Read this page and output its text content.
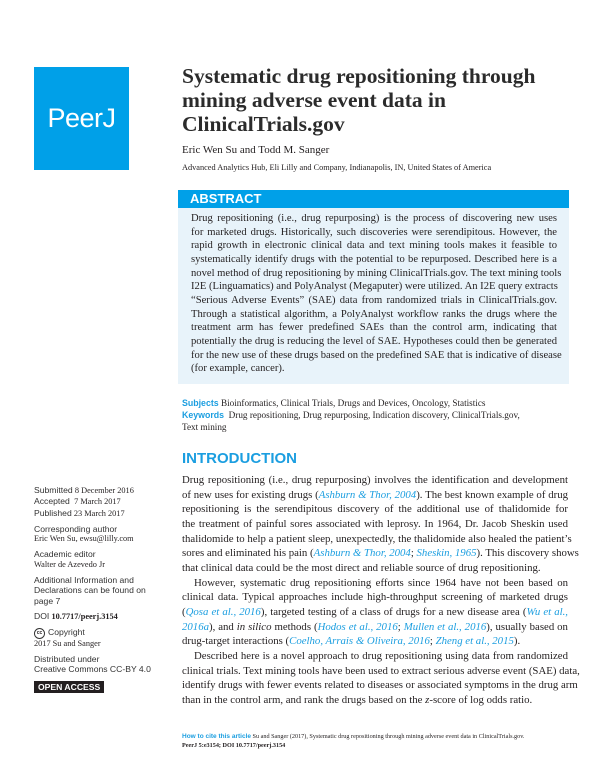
PeerJ
Systematic drug repositioning through
mining adverse event data in
ClinicalTrials.gov
Eric Wen Su and Todd M. Sanger
Advanced Analytics Hub, Eli Lilly and Company, Indianapolis, IN, United States of America
ABSTRACT
Drug repositioning (i.e., drug repurposing) is the process of discovering new uses
for marketed drugs. Historically, such discoveries were serendipitous. However, the
rapid growth in electronic clinical data and text mining tools makes it feasible to
systematically identify drugs with the potential to be repurposed. Described here is a
novel method of drug repositioning by mining ClinicalTrials.gov. The text mining tools
I2E (Linguamatics) and PolyAnalyst (Megaputer) were utilized. An I2E query extracts
“Serious Adverse Events” (SAE) data from randomized trials in ClinicalTrials.gov.
Through a statistical algorithm, a PolyAnalyst workflow ranks the drugs where the
treatment arm has fewer predefined SAEs than the control arm, indicating that
potentially the drug is reducing the level of SAE. Hypotheses could then be generated
for the new use of these drugs based on the predefined SAE that is indicative of disease
(for example, cancer).
Subjects Bioinformatics, Clinical Trials, Drugs and Devices, Oncology, Statistics
Keywords Drug repositioning, Drug repurposing, Indication discovery, ClinicalTrials.gov,
Text mining
INTRODUCTION
Drug repositioning (i.e., drug repurposing) involves the identification and development
of new uses for existing drugs (Ashburn & Thor, 2004). The best known example of drug
repositioning is the serendipitous discovery of the additional use of thalidomide for
the treatment of painful sores associated with leprosy. In 1964, Dr. Jacob Sheskin used
thalidomide to help a patient sleep, unexpectedly, the thalidomide also healed the patient’s
sores and eliminated his pain (Ashburn & Thor, 2004; Sheskin, 1965). This discovery shows
that clinical data could be the most direct and reliable source of drug repositioning.
However, systematic drug repositioning efforts since 1964 have not been based on
clinical data. Typical approaches include high-throughput screening of marketed drugs
(Qosa et al., 2016), targeted testing of a class of drugs for a new disease area (Wu et al.,
2016a), and in silico methods (Hodos et al., 2016; Mullen et al., 2016), usually based on
drug-target interactions (Coelho, Arrais & Oliveira, 2016; Zheng et al., 2015).
Described here is a novel approach to drug repositioning using data from randomized
clinical trials. Text mining tools have been used to extract serious adverse event (SAE) data,
identify drugs with fewer events related to diseases or associated symptoms in the drug arm
than in the control arm, and rank the drugs based on the z-score of log odds ratio.
Submitted 8 December 2016
Accepted 7 March 2017
Published 23 March 2017
Corresponding author
Eric Wen Su, ewsu@lilly.com
Academic editor
Walter de Azevedo Jr
Additional Information and
Declarations can be found on
page 7
DOI 10.7717/peerj.3154
cc Copyright
2017 Su and Sanger
Distributed under
Creative Commons CC-BY 4.0
OPEN ACCESS
How to cite this article Su and Sanger (2017), Systematic drug repositioning through mining adverse event data in ClinicalTrials.gov.
PeerJ 5:e3154; DOI 10.7717/peerj.3154
